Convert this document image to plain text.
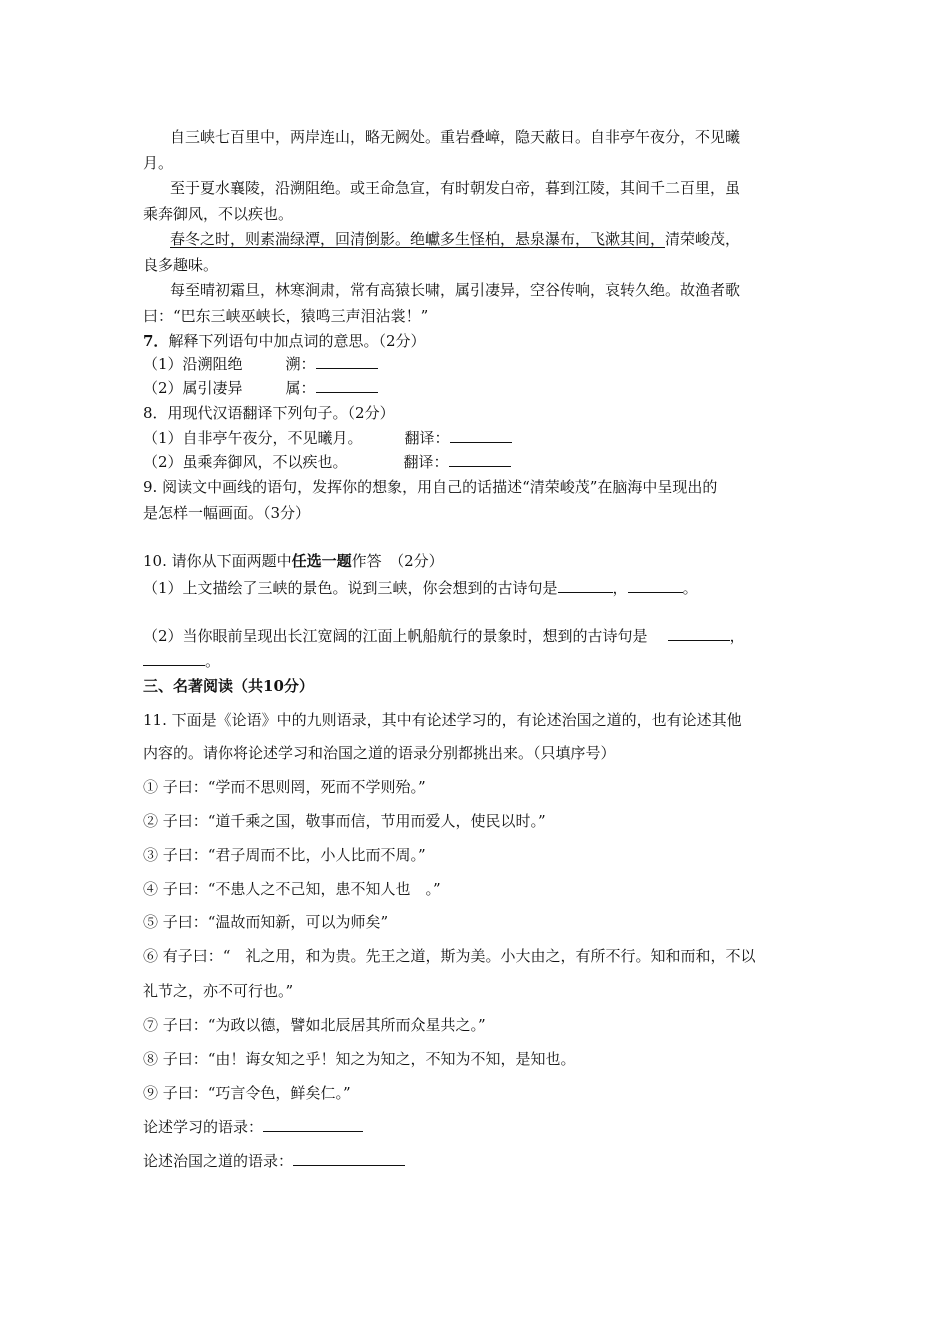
自三峡七百里中，两岸连山，略无阙处。重岩叠嶂，隐天蔽日。自非亭午夜分，不见曦
月。
至于夏水襄陵，沿溯阻绝。或王命急宣，有时朝发白帝，暮到江陵，其间千二百里，虽
乘奔御风，不以疾也。
春冬之时，则素湍绿潭，回清倒影。绝巘多生怪柏，悬泉瀑布，飞漱其间，清荣峻茂，
良多趣味。
每至晴初霜旦，林寒涧肃，常有高猿长啸，属引凄异，空谷传响，哀转久绝。故渔者歌
曰：“巴东三峡巫峡长，猿鸣三声泪沾裳！”
7．解释下列语句中加点词的意思。（2分）
（1）沿溯阻绝	溯：
（2）属引凄异	属：
8．用现代汉语翻译下列句子。（2分）
（1）自非亭午夜分，不见曦月。	翻译：
（2）虽乘奔御风，不以疾也。	翻译：
9. 阅读文中画线的语句，发挥你的想象，用自己的话描述“清荣峻茂”在脑海中呈现出的
是怎样一幅画面。（3分）
10. 请你从下面两题中任选一题作答　（2分）
（1）上文描绘了三峡的景色。说到三峡，你会想到的古诗句是	，	。
（2）当你眼前呈现出长江宽阔的江面上帆船航行的景象时，想到的古诗句是	，
。
三、名著阅读（共10分）
11. 下面是《论语》中的九则语录，其中有论述学习的，有论述治国之道的，也有论述其他
内容的。请你将论述学习和治国之道的语录分别都挑出来。（只填序号）
① 子曰：“学而不思则罔，死而不学则殆。”
② 子曰：“道千乘之国，敬事而信，节用而爱人，使民以时。”
③ 子曰：“君子周而不比，小人比而不周。”
④ 子曰：“不患人之不己知，患不知人也　。”
⑤ 子曰：“温故而知新，可以为师矣”
⑥ 有子曰：“　礼之用，和为贵。先王之道，斯为美。小大由之，有所不行。知和而和，不以
礼节之，亦不可行也。”
⑦ 子曰：“为政以德，譬如北辰居其所而众星共之。”
⑧ 子曰：“由！诲女知之乎！知之为知之，不知为不知，是知也。
⑨ 子曰：“巧言令色，鲜矣仁。”
论述学习的语录：
论述治国之道的语录：
